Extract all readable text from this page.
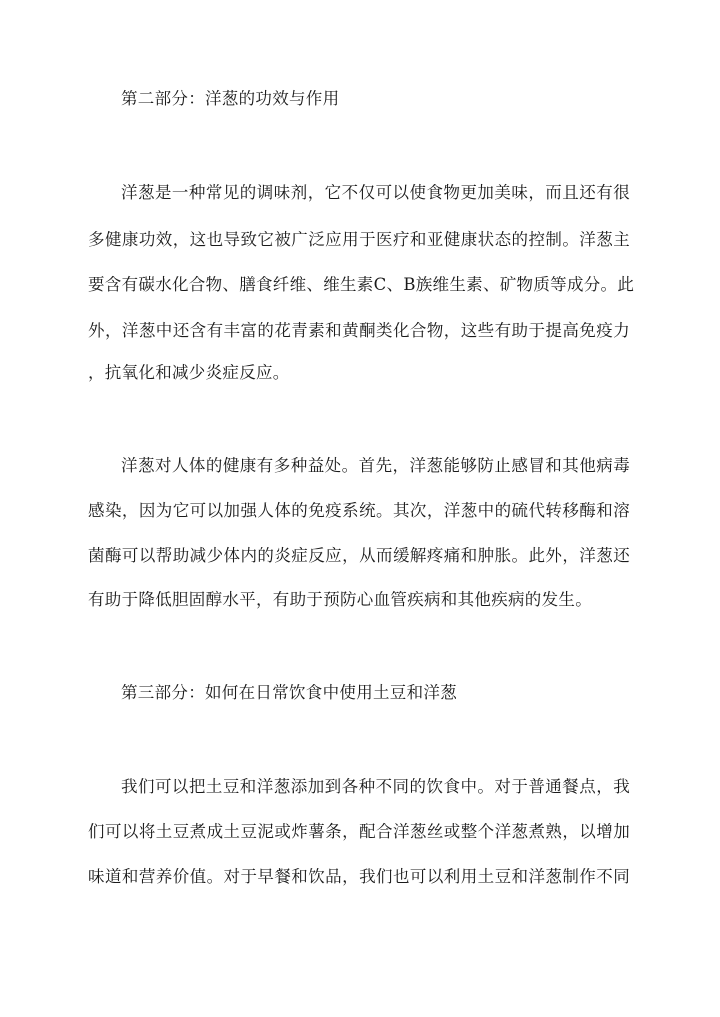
第二部分：洋葱的功效与作用
洋葱是一种常见的调味剂，它不仅可以使食物更加美味，而且还有很
多健康功效，这也导致它被广泛应用于医疗和亚健康状态的控制。洋葱主
要含有碳水化合物、膳食纤维、维生素C、B族维生素、矿物质等成分。此
外，洋葱中还含有丰富的花青素和黄酮类化合物，这些有助于提高免疫力
，抗氧化和减少炎症反应。
洋葱对人体的健康有多种益处。首先，洋葱能够防止感冒和其他病毒
感染，因为它可以加强人体的免疫系统。其次，洋葱中的硫代转移酶和溶
菌酶可以帮助减少体内的炎症反应，从而缓解疼痛和肿胀。此外，洋葱还
有助于降低胆固醇水平，有助于预防心血管疾病和其他疾病的发生。
第三部分：如何在日常饮食中使用土豆和洋葱
我们可以把土豆和洋葱添加到各种不同的饮食中。对于普通餐点，我
们可以将土豆煮成土豆泥或炸薯条，配合洋葱丝或整个洋葱煮熟，以增加
味道和营养价值。对于早餐和饮品，我们也可以利用土豆和洋葱制作不同
